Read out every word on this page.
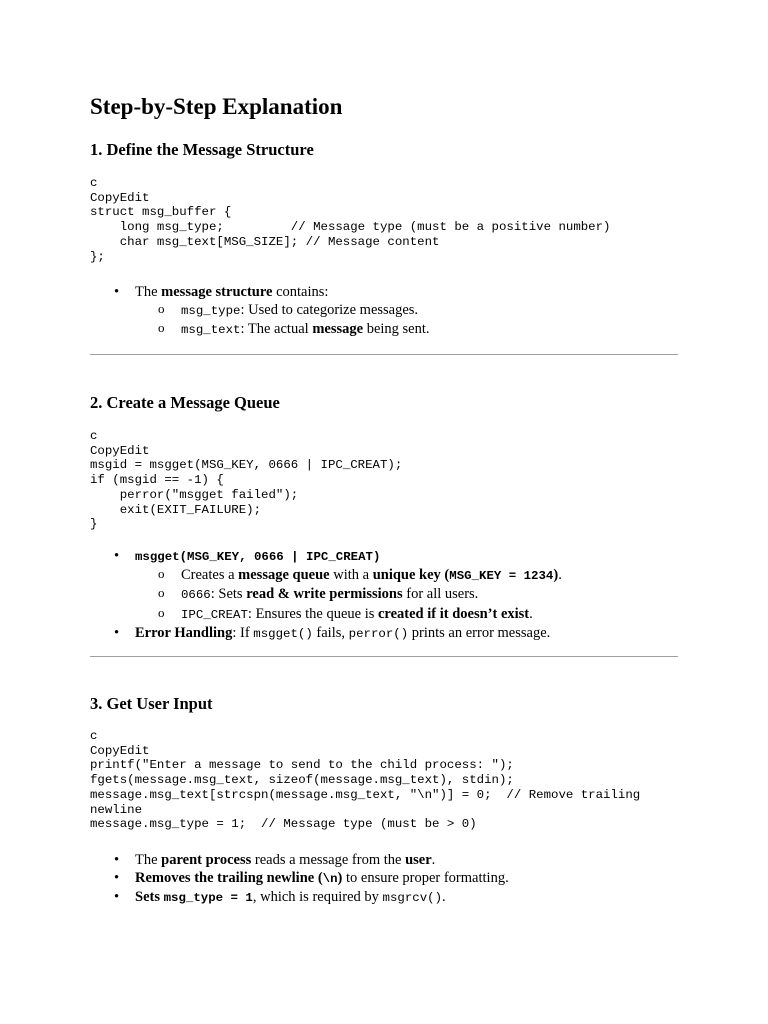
Step-by-Step Explanation
1. Define the Message Structure
c
CopyEdit
struct msg_buffer {
long msg_type;         // Message type (must be a positive number)
char msg_text[MSG_SIZE]; // Message content
};
• The message structure contains:
o msg_type: Used to categorize messages.
o msg_text: The actual message being sent.
2. Create a Message Queue
c
CopyEdit
msgid = msgget(MSG_KEY, 0666 | IPC_CREAT);
if (msgid == -1) {
perror("msgget failed");
exit(EXIT_FAILURE);
}
• msgget(MSG_KEY, 0666 | IPC_CREAT)
o Creates a message queue with a unique key (MSG_KEY = 1234).
o 0666: Sets read & write permissions for all users.
o IPC_CREAT: Ensures the queue is created if it doesn’t exist.
• Error Handling: If msgget() fails, perror() prints an error message.
3. Get User Input
c
CopyEdit
printf("Enter a message to send to the child process: ");
fgets(message.msg_text, sizeof(message.msg_text), stdin);
message.msg_text[strcspn(message.msg_text, "\n")] = 0;  // Remove trailing
newline
message.msg_type = 1;  // Message type (must be > 0)
• The parent process reads a message from the user.
• Removes the trailing newline (\n) to ensure proper formatting.
• Sets msg_type = 1, which is required by msgrcv().
